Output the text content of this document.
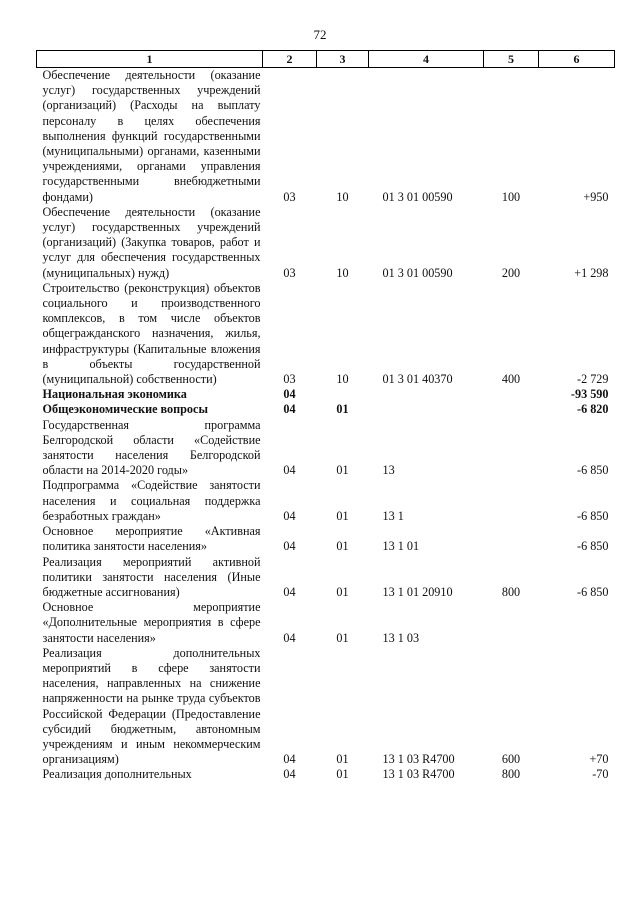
72
1	2	3	4	5	6
Обеспечение деятельности (оказание услуг) государственных учреждений (организаций) (Расходы на выплату персоналу в целях обеспечения выполнения функций государственными (муниципальными) органами, казенными учреждениями, органами управления государственными внебюджетными фондами)	03	10	01 3 01 00590	100	+950
Обеспечение деятельности (оказание услуг) государственных учреждений (организаций) (Закупка товаров, работ и услуг для обеспечения государственных (муниципальных) нужд)	03	10	01 3 01 00590	200	+1 298
Строительство (реконструкция) объектов социального и производственного комплексов, в том числе объектов общегражданского назначения, жилья, инфраструктуры (Капитальные вложения в объекты государственной (муниципальной) собственности)	03	10	01 3 01 40370	400	-2 729
Национальная экономика	04				-93 590
Общеэкономические вопросы	04	01			-6 820
Государственная программа Белгородской области «Содействие занятости населения Белгородской области на 2014-2020 годы»	04	01	13		-6 850
Подпрограмма «Содействие занятости населения и социальная поддержка безработных граждан»	04	01	13 1		-6 850
Основное мероприятие «Активная политика занятости населения»	04	01	13 1 01		-6 850
Реализация мероприятий активной политики занятости населения (Иные бюджетные ассигнования)	04	01	13 1 01 20910	800	-6 850
Основное мероприятие «Дополнительные мероприятия в сфере занятости населения»	04	01	13 1 03		
Реализация дополнительных мероприятий в сфере занятости населения, направленных на снижение напряженности на рынке труда субъектов Российской Федерации (Предоставление субсидий бюджетным, автономным учреждениям и иным некоммерческим организациям)	04	01	13 1 03 R4700	600	+70
Реализация дополнительных	04	01	13 1 03 R4700	800	-70
